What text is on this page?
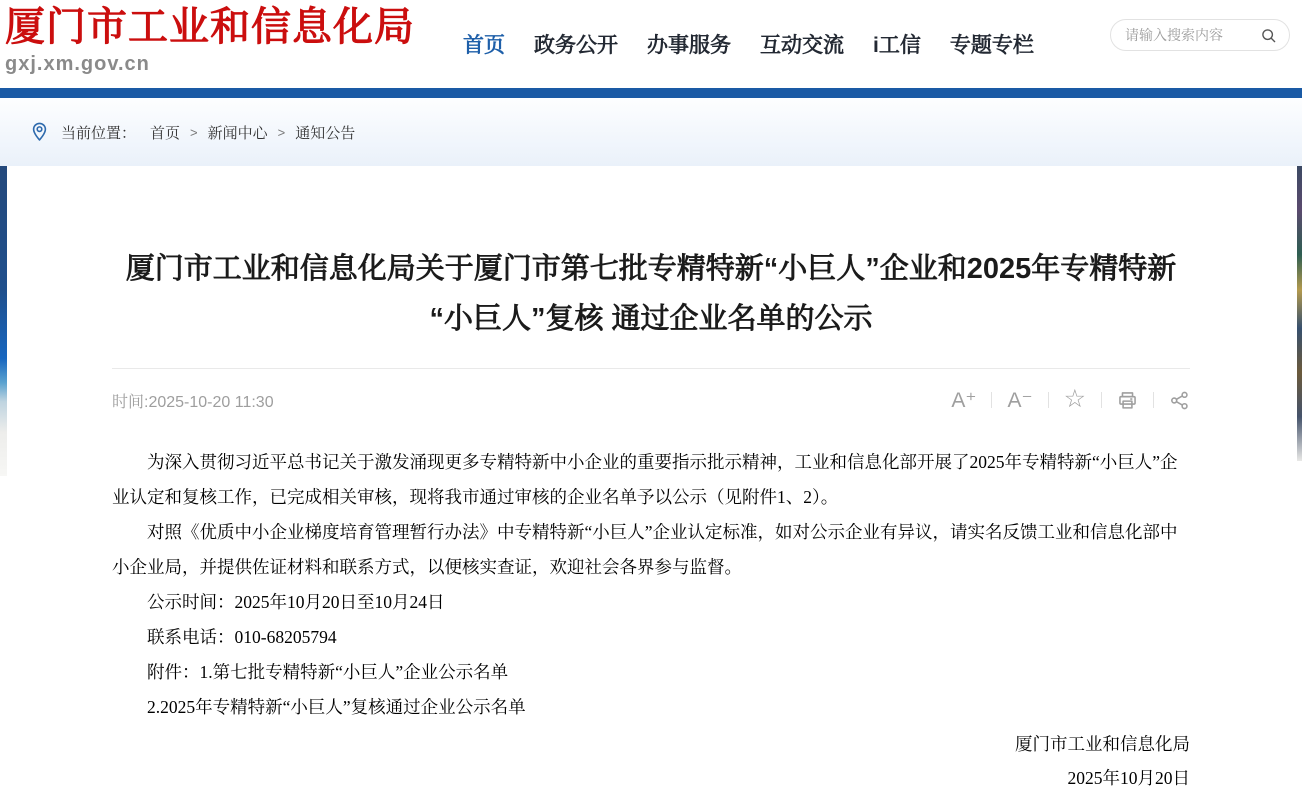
厦门市工业和信息化局
gxj.xm.gov.cn
首页 政务公开 办事服务 互动交流 i工信 专题专栏
请输入搜索内容
当前位置： 首页 > 新闻中心 > 通知公告
厦门市工业和信息化局关于厦门市第七批专精特新“小巨人”企业和2025年专精特新
“小巨人”复核 通过企业名单的公示
时间:2025-10-20 11:30	A⁺ A⁻ ☆

为深入贯彻习近平总书记关于激发涌现更多专精特新中小企业的重要指示批示精神，工业和信息化部开展了2025年专精特新“小巨人”企业认定和复核工作，已完成相关审核，现将我市通过审核的企业名单予以公示（见附件1、2）。

对照《优质中小企业梯度培育管理暂行办法》中专精特新“小巨人”企业认定标准，如对公示企业有异议，请实名反馈工业和信息化部中小企业局，并提供佐证材料和联系方式，以便核实查证，欢迎社会各界参与监督。

公示时间：2025年10月20日至10月24日

联系电话：010-68205794

附件：1.第七批专精特新“小巨人”企业公示名单

2.2025年专精特新“小巨人”复核通过企业公示名单

厦门市工业和信息化局

2025年10月20日
